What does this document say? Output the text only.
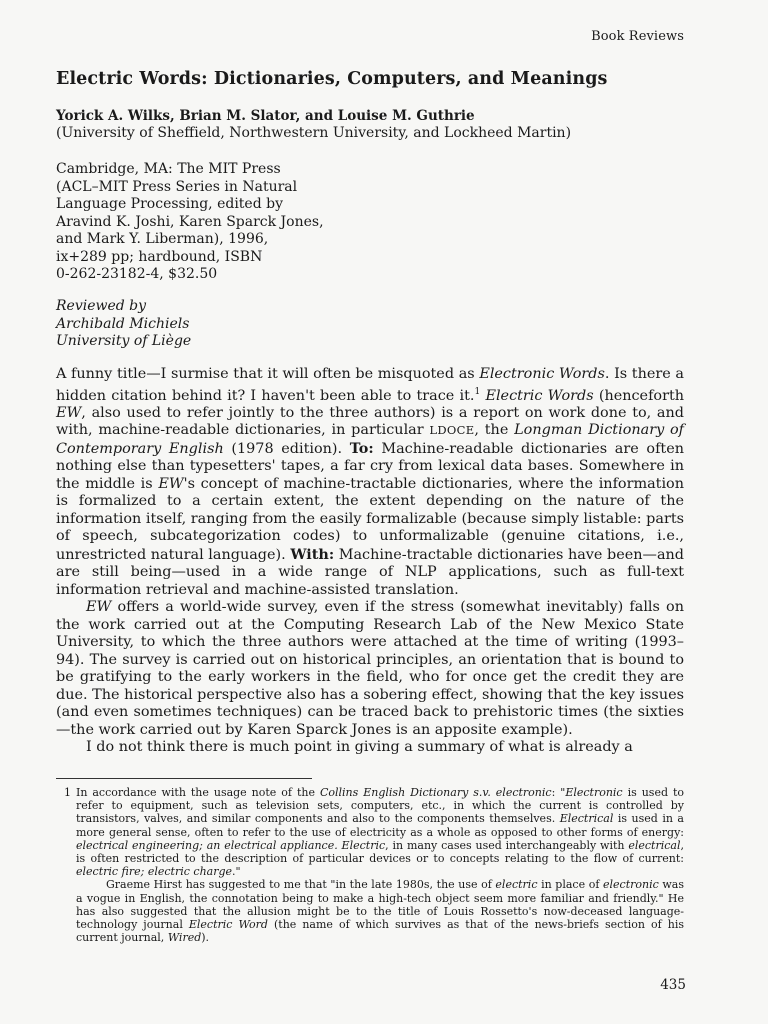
Book Reviews
Electric Words: Dictionaries, Computers, and Meanings
Yorick A. Wilks, Brian M. Slator, and Louise M. Guthrie
(University of Sheffield, Northwestern University, and Lockheed Martin)
Cambridge, MA: The MIT Press
(ACL–MIT Press Series in Natural
Language Processing, edited by
Aravind K. Joshi, Karen Sparck Jones,
and Mark Y. Liberman), 1996,
ix+289 pp; hardbound, ISBN
0-262-23182-4, $32.50
Reviewed by
Archibald Michiels
University of Liège

A funny title—I surmise that it will often be misquoted as Electronic Words. Is there a hidden citation behind it? I haven't been able to trace it.$^1$ Electric Words (henceforth EW, also used to refer jointly to the three authors) is a report on work done to, and with, machine-readable dictionaries, in particular LDOCE, the Longman Dictionary of Contemporary English (1978 edition). To: Machine-readable dictionaries are often nothing else than typesetters' tapes, a far cry from lexical data bases. Somewhere in the middle is EW's concept of machine-tractable dictionaries, where the information is formalized to a certain extent, the extent depending on the nature of the information itself, ranging from the easily formalizable (because simply listable: parts of speech, subcategorization codes) to unformalizable (genuine citations, i.e., unrestricted natural language). With: Machine-tractable dictionaries have been—and are still being—used in a wide range of NLP applications, such as full-text information retrieval and machine-assisted translation.

EW offers a world-wide survey, even if the stress (somewhat inevitably) falls on the work carried out at the Computing Research Lab of the New Mexico State University, to which the three authors were attached at the time of writing (1993–94). The survey is carried out on historical principles, an orientation that is bound to be gratifying to the early workers in the field, who for once get the credit they are due. The historical perspective also has a sobering effect, showing that the key issues (and even sometimes techniques) can be traced back to prehistoric times (the sixties—the work carried out by Karen Sparck Jones is an apposite example).

I do not think there is much point in giving a summary of what is already a

1 In accordance with the usage note of the Collins English Dictionary s.v. electronic: "Electronic is used to refer to equipment, such as television sets, computers, etc., in which the current is controlled by transistors, valves, and similar components and also to the components themselves. Electrical is used in a more general sense, often to refer to the use of electricity as a whole as opposed to other forms of energy: electrical engineering; an electrical appliance. Electric, in many cases used interchangeably with electrical, is often restricted to the description of particular devices or to concepts relating to the flow of current: electric fire; electric charge."

Graeme Hirst has suggested to me that "in the late 1980s, the use of electric in place of electronic was a vogue in English, the connotation being to make a high-tech object seem more familiar and friendly." He has also suggested that the allusion might be to the title of Louis Rossetto's now-deceased language-technology journal Electric Word (the name of which survives as that of the news-briefs section of his current journal, Wired).

435
